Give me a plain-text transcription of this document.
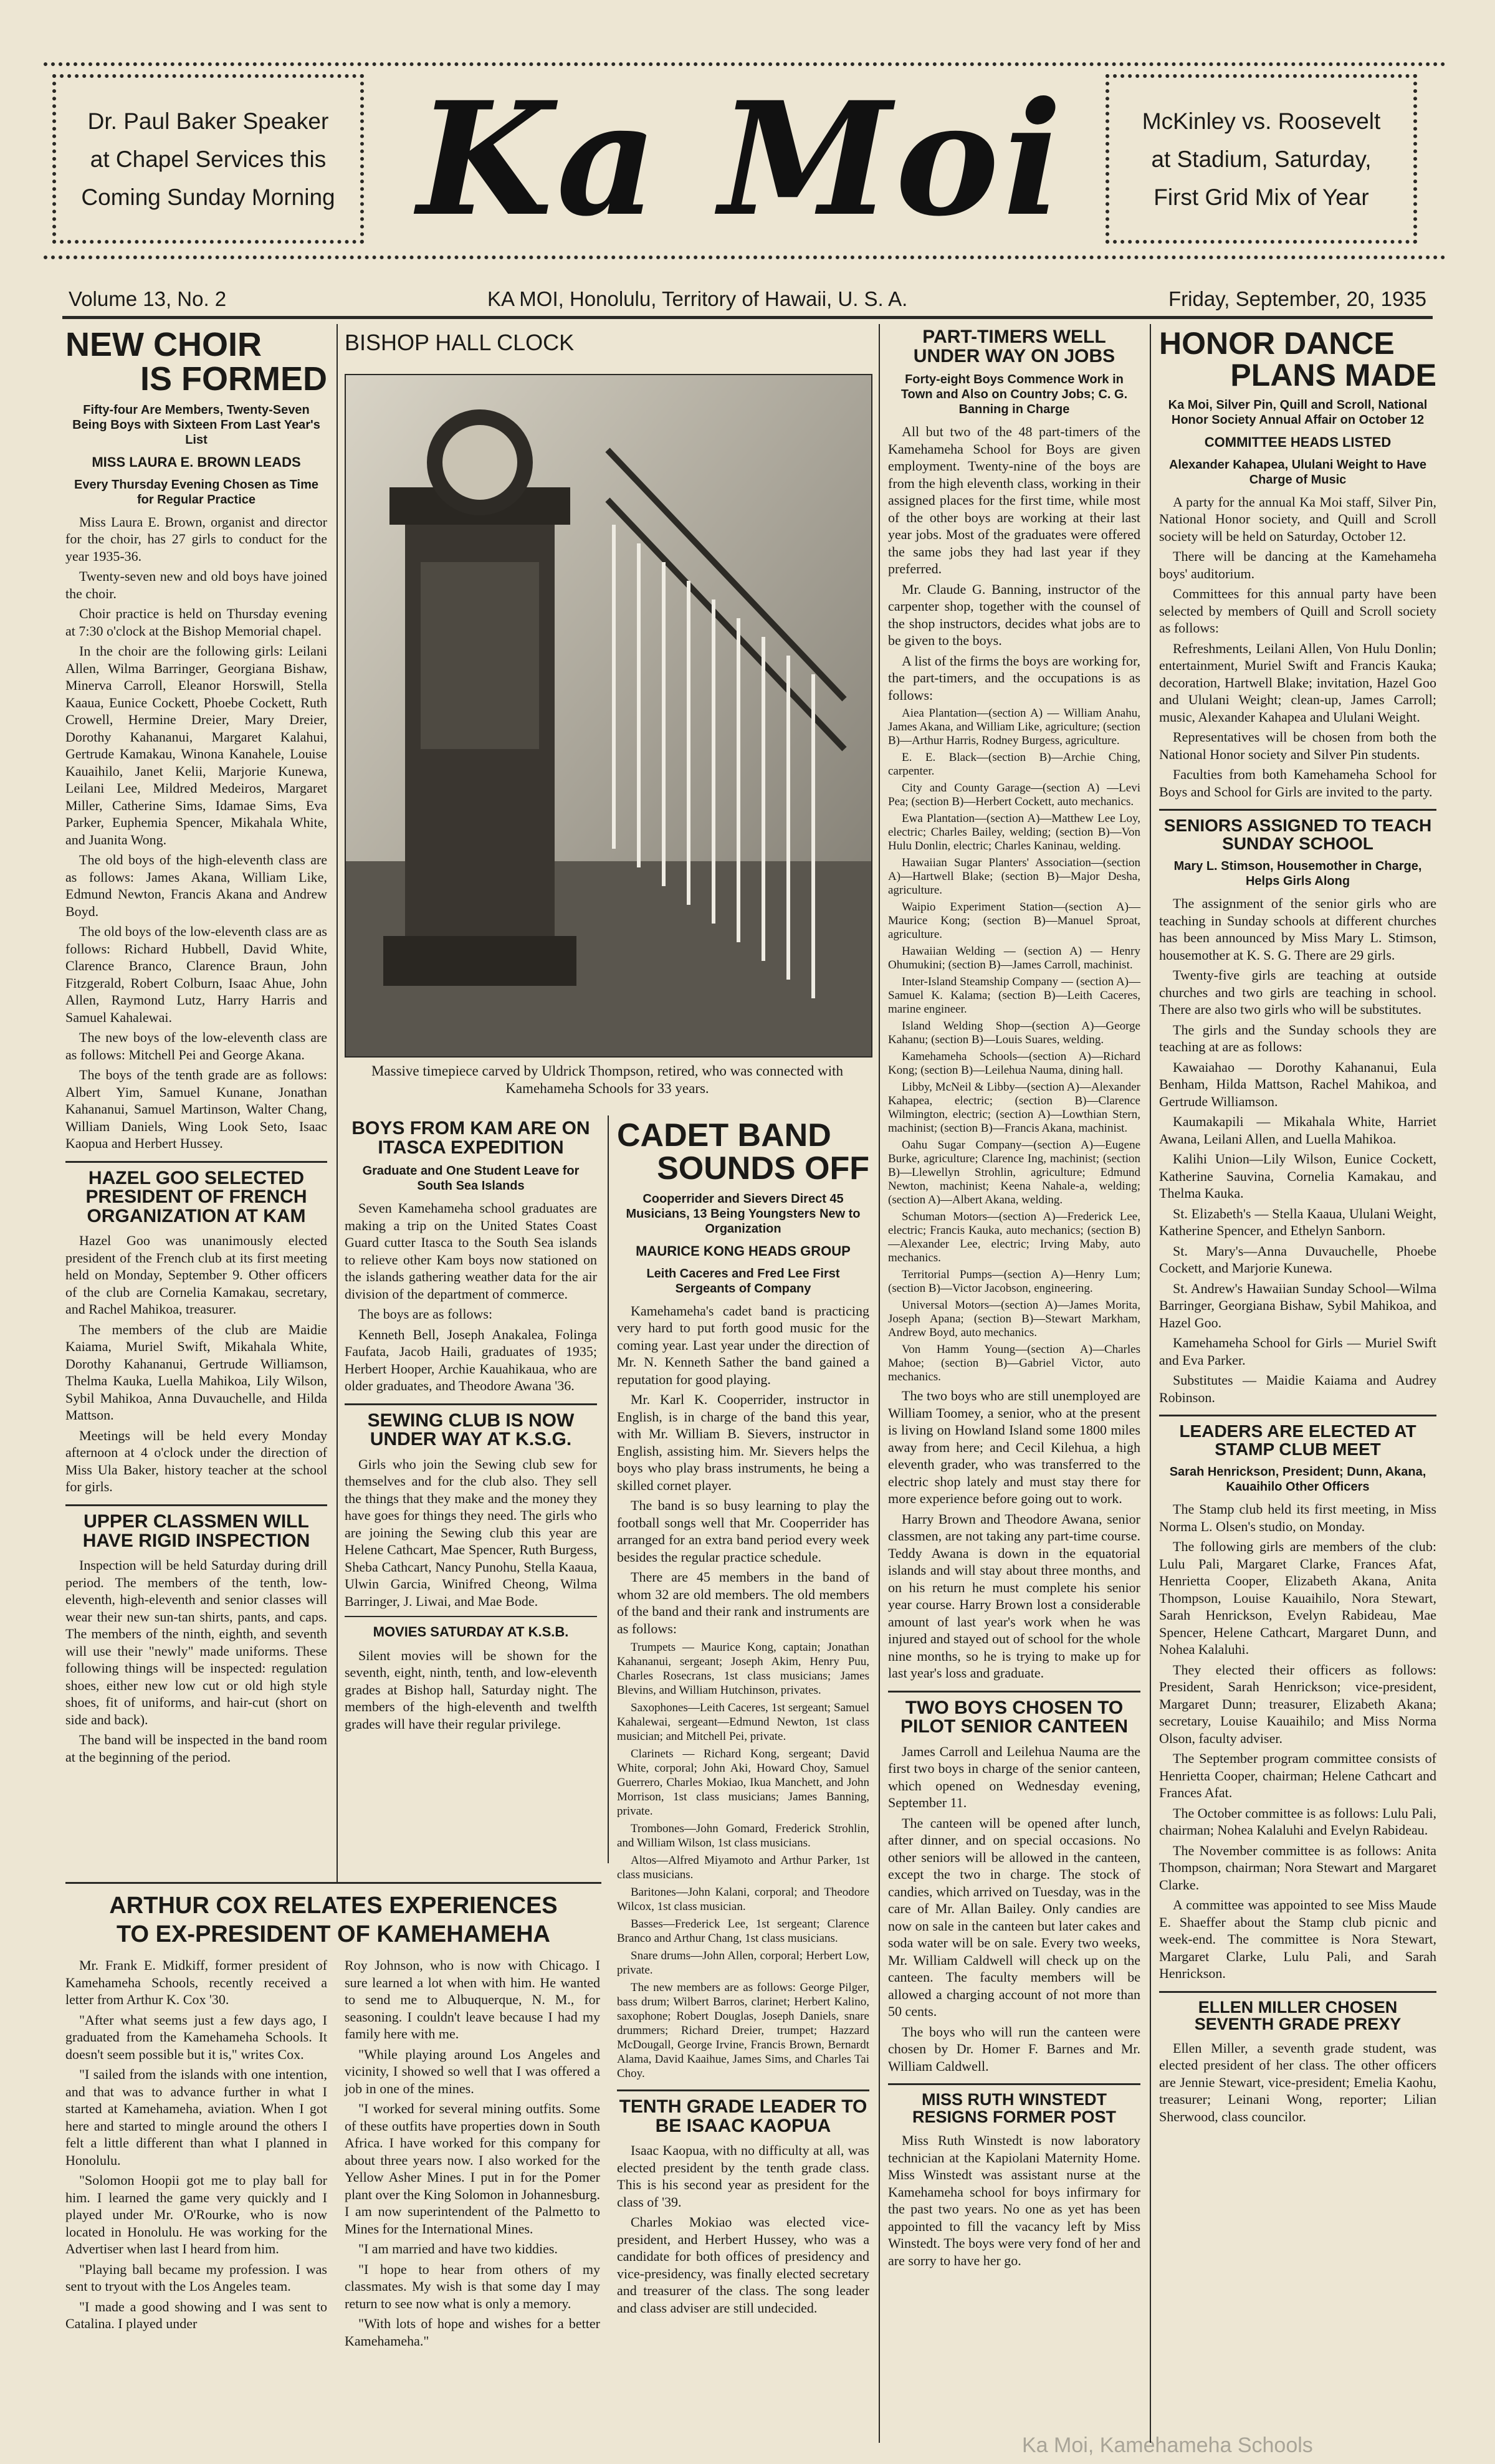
Dr. Paul Baker Speaker
at Chapel Services this
Coming Sunday Morning Ka Moi	McKinley vs. Roosevelt
at Stadium, Saturday,
First Grid Mix of Year
Volume 13, No. 2	KA MOI, Honolulu, Territory of Hawaii, U. S. A.	Friday, September, 20, 1935
NEW CHOIR
IS FORMED
Fifty-four Are Members, Twenty-Seven Being Boys with Sixteen From Last Year's List
MISS LAURA E. BROWN LEADS
Every Thursday Evening Chosen as Time for Regular Practice

Miss Laura E. Brown, organist and director for the choir, has 27 girls to conduct for the year 1935-36.

Twenty-seven new and old boys have joined the choir.

Choir practice is held on Thursday evening at 7:30 o'clock at the Bishop Memorial chapel.

In the choir are the following girls: Leilani Allen, Wilma Barringer, Georgiana Bishaw, Minerva Carroll, Eleanor Horswill, Stella Kaaua, Eunice Cockett, Phoebe Cockett, Ruth Crowell, Hermine Dreier, Mary Dreier, Dorothy Kahananui, Margaret Kalahui, Gertrude Kamakau, Winona Kanahele, Louise Kauaihilo, Janet Kelii, Marjorie Kunewa, Leilani Lee, Mildred Medeiros, Margaret Miller, Catherine Sims, Idamae Sims, Eva Parker, Euphemia Spencer, Mikahala White, and Juanita Wong.

The old boys of the high-eleventh class are as follows: James Akana, William Like, Edmund Newton, Francis Akana and Andrew Boyd.

The old boys of the low-eleventh class are as follows: Richard Hubbell, David White, Clarence Branco, Clarence Braun, John Fitzgerald, Robert Colburn, Isaac Ahue, John Allen, Raymond Lutz, Harry Harris and Samuel Kahalewai.

The new boys of the low-eleventh class are as follows: Mitchell Pei and George Akana.

The boys of the tenth grade are as follows: Albert Yim, Samuel Kunane, Jonathan Kahananui, Samuel Martinson, Walter Chang, William Daniels, Wing Look Seto, Isaac Kaopua and Herbert Hussey.

HAZEL GOO SELECTED PRESIDENT OF FRENCH ORGANIZATION AT KAM

Hazel Goo was unanimously elected president of the French club at its first meeting held on Monday, September 9. Other officers of the club are Cornelia Kamakau, secretary, and Rachel Mahikoa, treasurer.

The members of the club are Maidie Kaiama, Muriel Swift, Mikahala White, Dorothy Kahananui, Gertrude Williamson, Thelma Kauka, Luella Mahikoa, Lily Wilson, Sybil Mahikoa, Anna Duvauchelle, and Hilda Mattson.

Meetings will be held every Monday afternoon at 4 o'clock under the direction of Miss Ula Baker, history teacher at the school for girls.

UPPER CLASSMEN WILL HAVE RIGID INSPECTION

Inspection will be held Saturday during drill period. The members of the tenth, low-eleventh, high-eleventh and senior classes will wear their new sun-tan shirts, pants, and caps. The members of the ninth, eighth, and seventh will use their "newly" made uniforms. These following things will be inspected: regulation shoes, either new low cut or old high style shoes, fit of uniforms, and hair-cut (short on side and back).

The band will be inspected in the band room at the beginning of the period.

BISHOP HALL CLOCK
Massive timepiece carved by Uldrick Thompson, retired, who was connected with Kamehameha Schools for 33 years.
BOYS FROM KAM ARE ON ITASCA EXPEDITION
Graduate and One Student Leave for South Sea Islands

Seven Kamehameha school graduates are making a trip on the United States Coast Guard cutter Itasca to the South Sea islands to relieve other Kam boys now stationed on the islands gathering weather data for the air division of the department of commerce.

The boys are as follows:

Kenneth Bell, Joseph Anakalea, Folinga Faufata, Jacob Haili, graduates of 1935; Herbert Hooper, Archie Kauahikaua, who are older graduates, and Theodore Awana '36.

SEWING CLUB IS NOW UNDER WAY AT K.S.G.

Girls who join the Sewing club sew for themselves and for the club also. They sell the things that they make and the money they have goes for things they need. The girls who are joining the Sewing club this year are Helene Cathcart, Mae Spencer, Ruth Burgess, Sheba Cathcart, Nancy Punohu, Stella Kaaua, Ulwin Garcia, Winifred Cheong, Wilma Barringer, J. Liwai, and Mae Bode.

MOVIES SATURDAY AT K.S.B.

Silent movies will be shown for the seventh, eight, ninth, tenth, and low-eleventh grades at Bishop hall, Saturday night. The members of the high-eleventh and twelfth grades will have their regular privilege.

CADET BAND
SOUNDS OFF
Cooperrider and Sievers Direct 45 Musicians, 13 Being Youngsters New to Organization
MAURICE KONG HEADS GROUP
Leith Caceres and Fred Lee First Sergeants of Company

Kamehameha's cadet band is practicing very hard to put forth good music for the coming year. Last year under the direction of Mr. N. Kenneth Sather the band gained a reputation for good playing.

Mr. Karl K. Cooperrider, instructor in English, is in charge of the band this year, with Mr. William B. Sievers, instructor in English, assisting him. Mr. Sievers helps the boys who play brass instruments, he being a skilled cornet player.

The band is so busy learning to play the football songs well that Mr. Cooperrider has arranged for an extra band period every week besides the regular practice schedule.

There are 45 members in the band of whom 32 are old members. The old members of the band and their rank and instruments are as follows:

Trumpets — Maurice Kong, captain; Jonathan Kahananui, sergeant; Joseph Akim, Henry Puu, Charles Rosecrans, 1st class musicians; James Blevins, and William Hutchinson, privates.

Saxophones—Leith Caceres, 1st sergeant; Samuel Kahalewai, sergeant—Edmund Newton, 1st class musician; and Mitchell Pei, private.

Clarinets — Richard Kong, sergeant; David White, corporal; John Aki, Howard Choy, Samuel Guerrero, Charles Mokiao, Ikua Manchett, and John Morrison, 1st class musicians; James Banning, private.

Trombones—John Gomard, Frederick Strohlin, and William Wilson, 1st class musicians.

Altos—Alfred Miyamoto and Arthur Parker, 1st class musicians.

Baritones—John Kalani, corporal; and Theodore Wilcox, 1st class musician.

Basses—Frederick Lee, 1st sergeant; Clarence Branco and Arthur Chang, 1st class musicians.

Snare drums—John Allen, corporal; Herbert Low, private.

The new members are as follows: George Pilger, bass drum; Wilbert Barros, clarinet; Herbert Kalino, saxophone; Robert Douglas, Joseph Daniels, snare drummers; Richard Dreier, trumpet; Hazzard McDougall, George Irvine, Francis Brown, Bernardt Alama, David Kaaihue, James Sims, and Charles Tai Choy.

TENTH GRADE LEADER TO BE ISAAC KAOPUA

Isaac Kaopua, with no difficulty at all, was elected president by the tenth grade class. This is his second year as president for the class of '39.

Charles Mokiao was elected vice-president, and Herbert Hussey, who was a candidate for both offices of presidency and vice-presidency, was finally elected secretary and treasurer of the class. The song leader and class adviser are still undecided.

ARTHUR COX RELATES EXPERIENCES
TO EX-PRESIDENT OF KAMEHAMEHA

Mr. Frank E. Midkiff, former president of Kamehameha Schools, recently received a letter from Arthur K. Cox '30.

"After what seems just a few days ago, I graduated from the Kamehameha Schools. It doesn't seem possible but it is," writes Cox.

"I sailed from the islands with one intention, and that was to advance further in what I started at Kamehameha, aviation. When I got here and started to mingle around the others I felt a little different than what I planned in Honolulu.

"Solomon Hoopii got me to play ball for him. I learned the game very quickly and I played under Mr. O'Rourke, who is now located in Honolulu. He was working for the Advertiser when last I heard from him.

"Playing ball became my profession. I was sent to tryout with the Los Angeles team.

"I made a good showing and I was sent to Catalina. I played under

Roy Johnson, who is now with Chicago. I sure learned a lot when with him. He wanted to send me to Albuquerque, N. M., for seasoning. I couldn't leave because I had my family here with me.

"While playing around Los Angeles and vicinity, I showed so well that I was offered a job in one of the mines.

"I worked for several mining outfits. Some of these outfits have properties down in South Africa. I have worked for this company for about three years now. I also worked for the Yellow Asher Mines. I put in for the Pomer plant over the King Solomon in Johannesburg. I am now superintendent of the Palmetto to Mines for the International Mines.

"I am married and have two kiddies.

"I hope to hear from others of my classmates. My wish is that some day I may return to see now what is only a memory.

"With lots of hope and wishes for a better Kamehameha."

PART-TIMERS WELL UNDER WAY ON JOBS
Forty-eight Boys Commence Work in Town and Also on Country Jobs; C. G. Banning in Charge

All but two of the 48 part-timers of the Kamehameha School for Boys are given employment. Twenty-nine of the boys are from the high eleventh class, working in their assigned places for the first time, while most of the other boys are working at their last year jobs. Most of the graduates were offered the same jobs they had last year if they preferred.

Mr. Claude G. Banning, instructor of the carpenter shop, together with the counsel of the shop instructors, decides what jobs are to be given to the boys.

A list of the firms the boys are working for, the part-timers, and the occupations is as follows:

Aiea Plantation—(section A) — William Anahu, James Akana, and William Like, agriculture; (section B)—Arthur Harris, Rodney Burgess, agriculture.

E. E. Black—(section B)—Archie Ching, carpenter.

City and County Garage—(section A) —Levi Pea; (section B)—Herbert Cockett, auto mechanics.

Ewa Plantation—(section A)—Matthew Lee Loy, electric; Charles Bailey, welding; (section B)—Von Hulu Donlin, electric; Charles Kaninau, welding.

Hawaiian Sugar Planters' Association—(section A)—Hartwell Blake; (section B)—Major Desha, agriculture.

Waipio Experiment Station—(section A)—Maurice Kong; (section B)—Manuel Sproat, agriculture.

Hawaiian Welding — (section A) — Henry Ohumukini; (section B)—James Carroll, machinist.

Inter-Island Steamship Company — (section A)—Samuel K. Kalama; (section B)—Leith Caceres, marine engineer.

Island Welding Shop—(section A)—George Kahanu; (section B)—Louis Suares, welding.

Kamehameha Schools—(section A)—Richard Kong; (section B)—Leilehua Nauma, dining hall.

Libby, McNeil & Libby—(section A)—Alexander Kahapea, electric; (section B)—Clarence Wilmington, electric; (section A)—Lowthian Stern, machinist; (section B)—Francis Akana, machinist.

Oahu Sugar Company—(section A)—Eugene Burke, agriculture; Clarence Ing, machinist; (section B)—Llewellyn Strohlin, agriculture; Edmund Newton, machinist; Keena Nahale-a, welding; (section A)—Albert Akana, welding.

Schuman Motors—(section A)—Frederick Lee, electric; Francis Kauka, auto mechanics; (section B)—Alexander Lee, electric; Irving Maby, auto mechanics.

Territorial Pumps—(section A)—Henry Lum; (section B)—Victor Jacobson, engineering.

Universal Motors—(section A)—James Morita, Joseph Apana; (section B)—Stewart Markham, Andrew Boyd, auto mechanics.

Von Hamm Young—(section A)—Charles Mahoe; (section B)—Gabriel Victor, auto mechanics.

The two boys who are still unemployed are William Toomey, a senior, who at the present is living on Howland Island some 1800 miles away from here; and Cecil Kilehua, a high eleventh grader, who was transferred to the electric shop lately and must stay there for more experience before going out to work.

Harry Brown and Theodore Awana, senior classmen, are not taking any part-time course. Teddy Awana is down in the equatorial islands and will stay about three months, and on his return he must complete his senior year course. Harry Brown lost a considerable amount of last year's work when he was injured and stayed out of school for the whole nine months, so he is trying to make up for last year's loss and graduate.

TWO BOYS CHOSEN TO PILOT SENIOR CANTEEN

James Carroll and Leilehua Nauma are the first two boys in charge of the senior canteen, which opened on Wednesday evening, September 11.

The canteen will be opened after lunch, after dinner, and on special occasions. No other seniors will be allowed in the canteen, except the two in charge. The stock of candies, which arrived on Tuesday, was in the care of Mr. Allan Bailey. Only candies are now on sale in the canteen but later cakes and soda water will be on sale. Every two weeks, Mr. William Caldwell will check up on the canteen. The faculty members will be allowed a charging account of not more than 50 cents.

The boys who will run the canteen were chosen by Dr. Homer F. Barnes and Mr. William Caldwell.

MISS RUTH WINSTEDT RESIGNS FORMER POST

Miss Ruth Winstedt is now laboratory technician at the Kapiolani Maternity Home. Miss Winstedt was assistant nurse at the Kamehameha school for boys infirmary for the past two years. No one as yet has been appointed to fill the vacancy left by Miss Winstedt. The boys were very fond of her and are sorry to have her go.

HONOR DANCE
PLANS MADE
Ka Moi, Silver Pin, Quill and Scroll, National Honor Society Annual Affair on October 12
COMMITTEE HEADS LISTED
Alexander Kahapea, Ululani Weight to Have Charge of Music

A party for the annual Ka Moi staff, Silver Pin, National Honor society, and Quill and Scroll society will be held on Saturday, October 12.

There will be dancing at the Kamehameha boys' auditorium.

Committees for this annual party have been selected by members of Quill and Scroll society as follows:

Refreshments, Leilani Allen, Von Hulu Donlin; entertainment, Muriel Swift and Francis Kauka; decoration, Hartwell Blake; invitation, Hazel Goo and Ululani Weight; clean-up, James Carroll; music, Alexander Kahapea and Ululani Weight.

Representatives will be chosen from both the National Honor society and Silver Pin students.

Faculties from both Kamehameha School for Boys and School for Girls are invited to the party.

SENIORS ASSIGNED TO TEACH SUNDAY SCHOOL
Mary L. Stimson, Housemother in Charge, Helps Girls Along

The assignment of the senior girls who are teaching in Sunday schools at different churches has been announced by Miss Mary L. Stimson, housemother at K. S. G. There are 29 girls.

Twenty-five girls are teaching at outside churches and two girls are teaching in school. There are also two girls who will be substitutes.

The girls and the Sunday schools they are teaching at are as follows:

Kawaiahao — Dorothy Kahananui, Eula Benham, Hilda Mattson, Rachel Mahikoa, and Gertrude Williamson.

Kaumakapili — Mikahala White, Harriet Awana, Leilani Allen, and Luella Mahikoa.

Kalihi Union—Lily Wilson, Eunice Cockett, Katherine Sauvina, Cornelia Kamakau, and Thelma Kauka.

St. Elizabeth's — Stella Kaaua, Ululani Weight, Katherine Spencer, and Ethelyn Sanborn.

St. Mary's—Anna Duvauchelle, Phoebe Cockett, and Marjorie Kunewa.

St. Andrew's Hawaiian Sunday School—Wilma Barringer, Georgiana Bishaw, Sybil Mahikoa, and Hazel Goo.

Kamehameha School for Girls — Muriel Swift and Eva Parker.

Substitutes — Maidie Kaiama and Audrey Robinson.

LEADERS ARE ELECTED AT STAMP CLUB MEET
Sarah Henrickson, President; Dunn, Akana, Kauaihilo Other Officers

The Stamp club held its first meeting, in Miss Norma L. Olsen's studio, on Monday.

The following girls are members of the club: Lulu Pali, Margaret Clarke, Frances Afat, Henrietta Cooper, Elizabeth Akana, Anita Thompson, Louise Kauaihilo, Nora Stewart, Sarah Henrickson, Evelyn Rabideau, Mae Spencer, Helene Cathcart, Margaret Dunn, and Nohea Kalaluhi.

They elected their officers as follows: President, Sarah Henrickson; vice-president, Margaret Dunn; treasurer, Elizabeth Akana; secretary, Louise Kauaihilo; and Miss Norma Olson, faculty adviser.

The September program committee consists of Henrietta Cooper, chairman; Helene Cathcart and Frances Afat.

The October committee is as follows: Lulu Pali, chairman; Nohea Kalaluhi and Evelyn Rabideau.

The November committee is as follows: Anita Thompson, chairman; Nora Stewart and Margaret Clarke.

A committee was appointed to see Miss Maude E. Shaeffer about the Stamp club picnic and week-end. The committee is Nora Stewart, Margaret Clarke, Lulu Pali, and Sarah Henrickson.

ELLEN MILLER CHOSEN SEVENTH GRADE PREXY

Ellen Miller, a seventh grade student, was elected president of her class. The other officers are Jennie Stewart, vice-president; Emelia Kaohu, treasurer; Leinani Wong, reporter; Lilian Sherwood, class councilor.

Ka Moi, Kamehameha Schools
